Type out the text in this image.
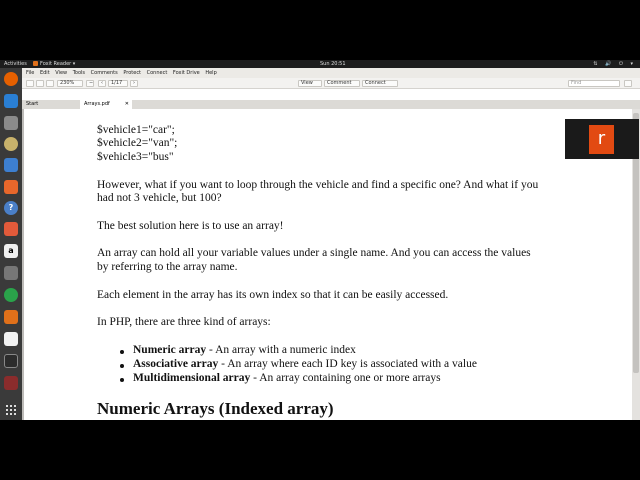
Activities	Foxit Reader ▾	Sun 20:51	⇅ 🔊 ⏻ ▾
?
a
File Edit View Tools Comments Protect Connect Foxit Drive Help
230%	−	‹	1/17	›	View	Comment	Connect	Find
Start	Arrays.pdf	✕
$vehicle1="car";
$vehicle2="van";
$vehicle3="bus"
However, what if you want to loop through the vehicle and find a specific one? And what if you
had not 3 vehicle, but 100?
The best solution here is to use an array!
An array can hold all your variable values under a single name. And you can access the values
by referring to the array name.
Each element in the array has its own index so that it can be easily accessed.
In PHP, there are three kind of arrays:
Numeric array - An array with a numeric index
Associative array - An array where each ID key is associated with a value
Multidimensional array - An array containing one or more arrays
Numeric Arrays (Indexed array)
r
